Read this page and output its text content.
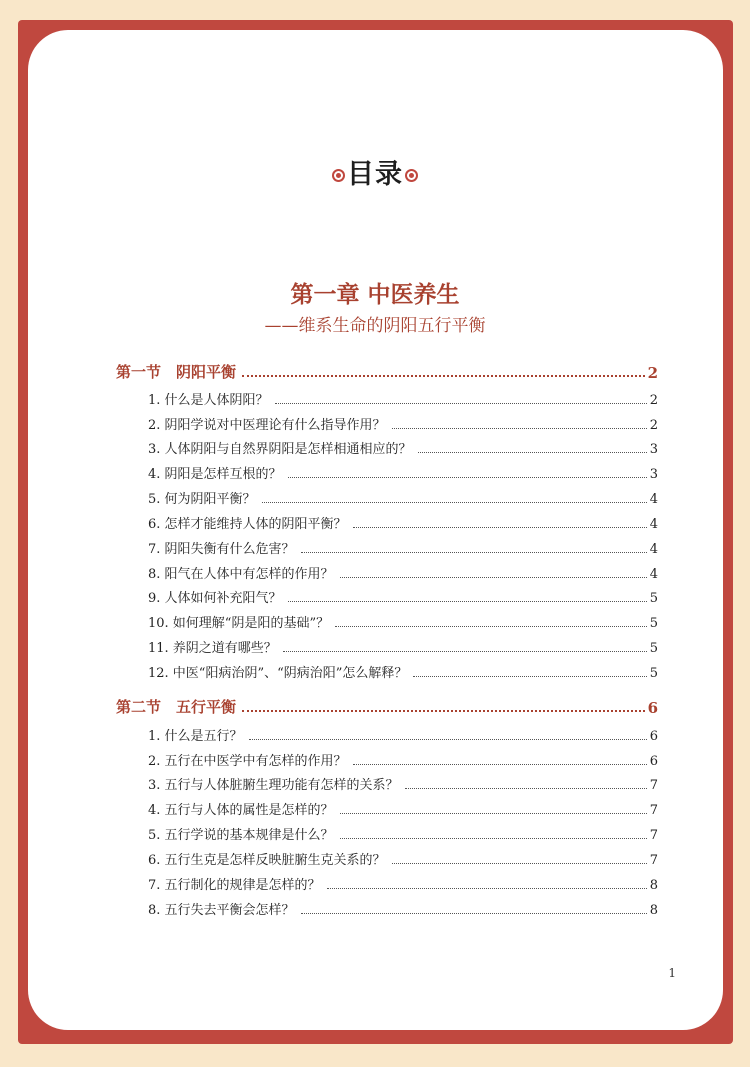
目录
第一章 中医养生
——维系生命的阴阳五行平衡
第一节　阴阳平衡	2
1. 什么是人体阴阳？	2
2. 阴阳学说对中医理论有什么指导作用？	2
3. 人体阴阳与自然界阴阳是怎样相通相应的？	3
4. 阴阳是怎样互根的？	3
5. 何为阴阳平衡？	4
6. 怎样才能维持人体的阴阳平衡？	4
7. 阴阳失衡有什么危害？	4
8. 阳气在人体中有怎样的作用？	4
9. 人体如何补充阳气？	5
10. 如何理解“阴是阳的基础”？	5
11. 养阴之道有哪些？	5
12. 中医“阳病治阴”、“阴病治阳”怎么解释？	5
第二节　五行平衡	6
1. 什么是五行？	6
2. 五行在中医学中有怎样的作用？	6
3. 五行与人体脏腑生理功能有怎样的关系？	7
4. 五行与人体的属性是怎样的？	7
5. 五行学说的基本规律是什么？	7
6. 五行生克是怎样反映脏腑生克关系的？	7
7. 五行制化的规律是怎样的？	8
8. 五行失去平衡会怎样？	8
1
